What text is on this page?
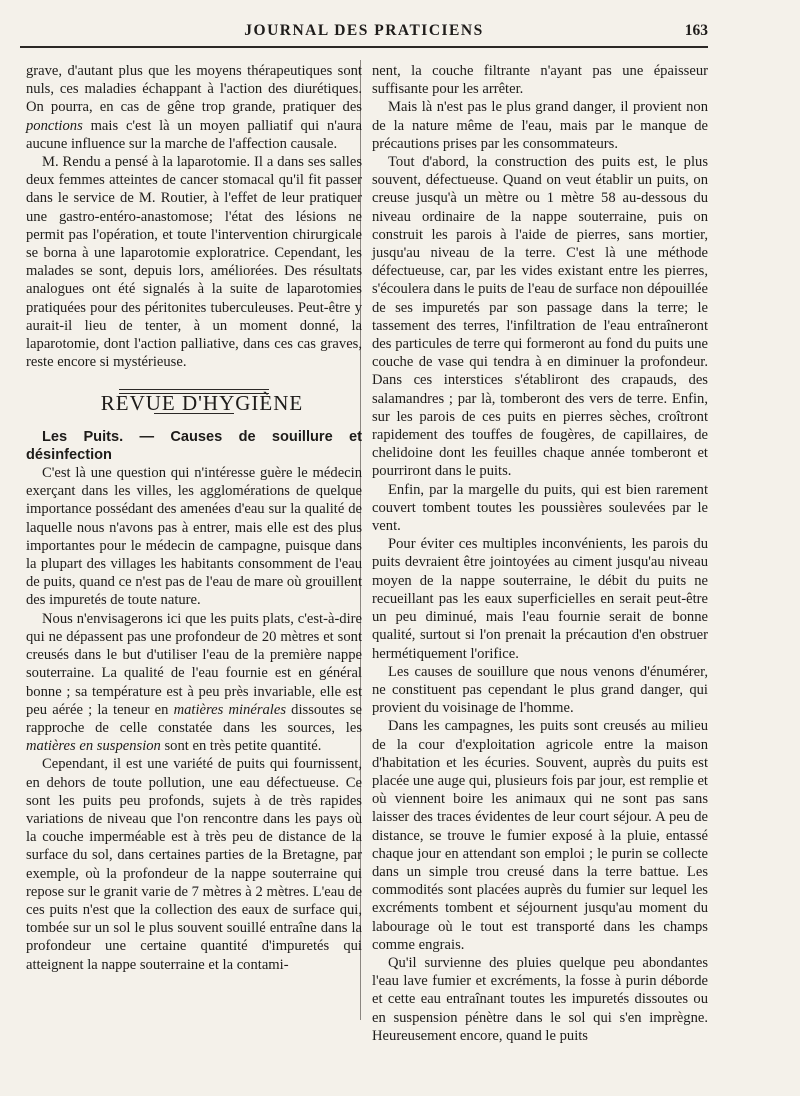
JOURNAL DES PRATICIENS	163

grave, d'autant plus que les moyens thérapeutiques sont nuls, ces maladies échappant à l'action des diurétiques. On pourra, en cas de gêne trop grande, pratiquer des ponctions mais c'est là un moyen palliatif qui n'aura aucune influence sur la marche de l'affection causale.

M. Rendu a pensé à la laparotomie. Il a dans ses salles deux femmes atteintes de cancer stomacal qu'il fit passer dans le service de M. Routier, à l'effet de leur pratiquer une gastro-entéro-anastomose; l'état des lésions ne permit pas l'opération, et toute l'intervention chirurgicale se borna à une laparotomie exploratrice. Cependant, les malades se sont, depuis lors, améliorées. Des résultats analogues ont été signalés à la suite de laparotomies pratiquées pour des péritonites tuberculeuses. Peut-être y aurait-il lieu de tenter, à un moment donné, la laparotomie, dont l'action palliative, dans ces cas graves, reste encore si mystérieuse.

REVUE D'HYGIÈNE

Les Puits. — Causes de souillure et désinfection

C'est là une question qui n'intéresse guère le médecin exerçant dans les villes, les agglomérations de quelque importance possédant des amenées d'eau sur la qualité de laquelle nous n'avons pas à entrer, mais elle est des plus importantes pour le médecin de campagne, puisque dans la plupart des villages les habitants consomment de l'eau de puits, quand ce n'est pas de l'eau de mare où grouillent des impuretés de toute nature.

Nous n'envisagerons ici que les puits plats, c'est-à-dire qui ne dépassent pas une profondeur de 20 mètres et sont creusés dans le but d'utiliser l'eau de la première nappe souterraine. La qualité de l'eau fournie est en général bonne ; sa température est à peu près invariable, elle est peu aérée ; la teneur en matières minérales dissoutes se rapproche de celle constatée dans les sources, les matières en suspension sont en très petite quantité.

Cependant, il est une variété de puits qui fournissent, en dehors de toute pollution, une eau défectueuse. Ce sont les puits peu profonds, sujets à de très rapides variations de niveau que l'on rencontre dans les pays où la couche imperméable est à très peu de distance de la surface du sol, dans certaines parties de la Bretagne, par exemple, où la profondeur de la nappe souterraine qui repose sur le granit varie de 7 mètres à 2 mètres. L'eau de ces puits n'est que la collection des eaux de surface qui, tombée sur un sol le plus souvent souillé entraîne dans la profondeur une certaine quantité d'impuretés qui atteignent la nappe souterraine et la contami-

nent, la couche filtrante n'ayant pas une épaisseur suffisante pour les arrêter.

Mais là n'est pas le plus grand danger, il provient non de la nature même de l'eau, mais par le manque de précautions prises par les consommateurs.

Tout d'abord, la construction des puits est, le plus souvent, défectueuse. Quand on veut établir un puits, on creuse jusqu'à un mètre ou 1 mètre 58 au-dessous du niveau ordinaire de la nappe souterraine, puis on construit les parois à l'aide de pierres, sans mortier, jusqu'au niveau de la terre. C'est là une méthode défectueuse, car, par les vides existant entre les pierres, s'écoulera dans le puits de l'eau de surface non dépouillée de ses impuretés par son passage dans la terre; le tassement des terres, l'infiltration de l'eau entraîneront des particules de terre qui formeront au fond du puits une couche de vase qui tendra à en diminuer la profondeur. Dans ces interstices s'établiront des crapauds, des salamandres ; par là, tomberont des vers de terre. Enfin, sur les parois de ces puits en pierres sèches, croîtront rapidement des touffes de fougères, de capillaires, de chelidoine dont les feuilles chaque année tomberont et pourriront dans le puits.

Enfin, par la margelle du puits, qui est bien rarement couvert tombent toutes les poussières soulevées par le vent.

Pour éviter ces multiples inconvénients, les parois du puits devraient être jointoyées au ciment jusqu'au niveau moyen de la nappe souterraine, le débit du puits ne recueillant pas les eaux superficielles en serait peut-être un peu diminué, mais l'eau fournie serait de bonne qualité, surtout si l'on prenait la précaution d'en obstruer hermétiquement l'orifice.

Les causes de souillure que nous venons d'énumérer, ne constituent pas cependant le plus grand danger, qui provient du voisinage de l'homme.

Dans les campagnes, les puits sont creusés au milieu de la cour d'exploitation agricole entre la maison d'habitation et les écuries. Souvent, auprès du puits est placée une auge qui, plusieurs fois par jour, est remplie et où viennent boire les animaux qui ne sont pas sans laisser des traces évidentes de leur court séjour. A peu de distance, se trouve le fumier exposé à la pluie, entassé chaque jour en attendant son emploi ; le purin se collecte dans un simple trou creusé dans la terre battue. Les commodités sont placées auprès du fumier sur lequel les excréments tombent et séjournent jusqu'au moment du labourage où le tout est transporté dans les champs comme engrais.

Qu'il survienne des pluies quelque peu abondantes l'eau lave fumier et excréments, la fosse à purin déborde et cette eau entraînant toutes les impuretés dissoutes ou en suspension pénètre dans le sol qui s'en imprègne. Heureusement encore, quand le puits
